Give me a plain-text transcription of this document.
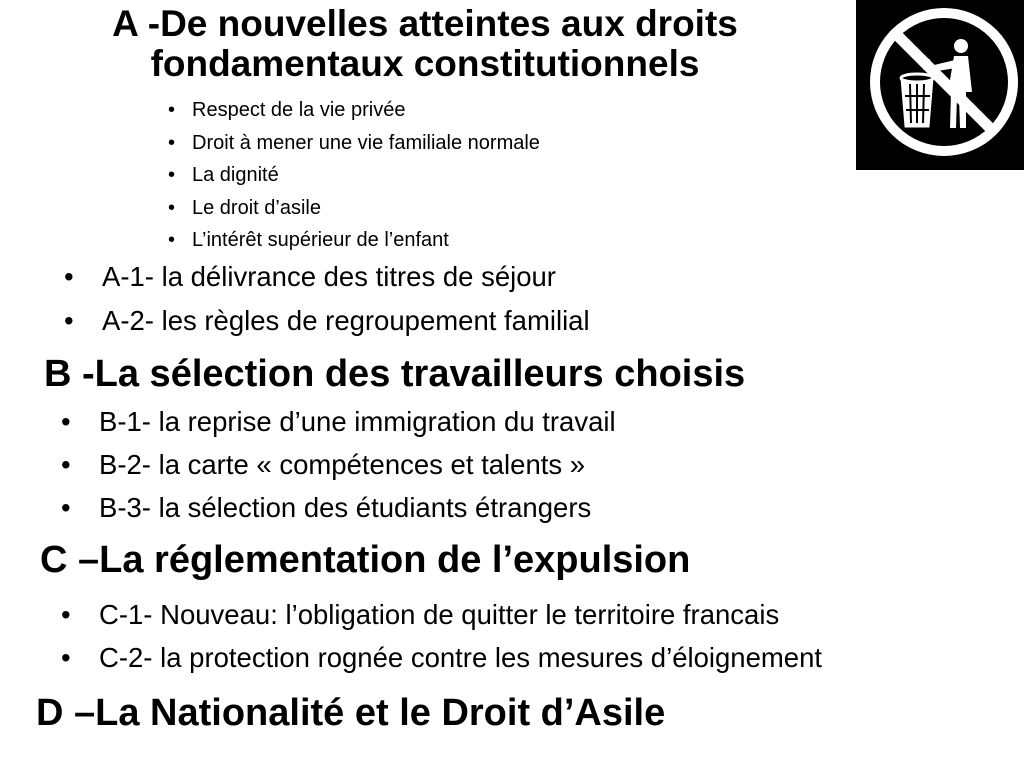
A -De nouvelles atteintes aux droits fondamentaux constitutionnels
• Respect de la vie privée
• Droit à mener une vie familiale normale
• La dignité
• Le droit d’asile
• L’intérêt supérieur de l’enfant
• A-1- la délivrance des titres de séjour
• A-2- les règles de regroupement familial
B -La sélection des travailleurs choisis
• B-1- la reprise d’une immigration du travail
• B-2- la carte « compétences et talents »
• B-3- la sélection des étudiants étrangers
C –La réglementation de l’expulsion
• C-1- Nouveau: l’obligation de quitter le territoire francais
• C-2- la protection rognée contre les mesures d’éloignement
D –La Nationalité et le Droit d’Asile
